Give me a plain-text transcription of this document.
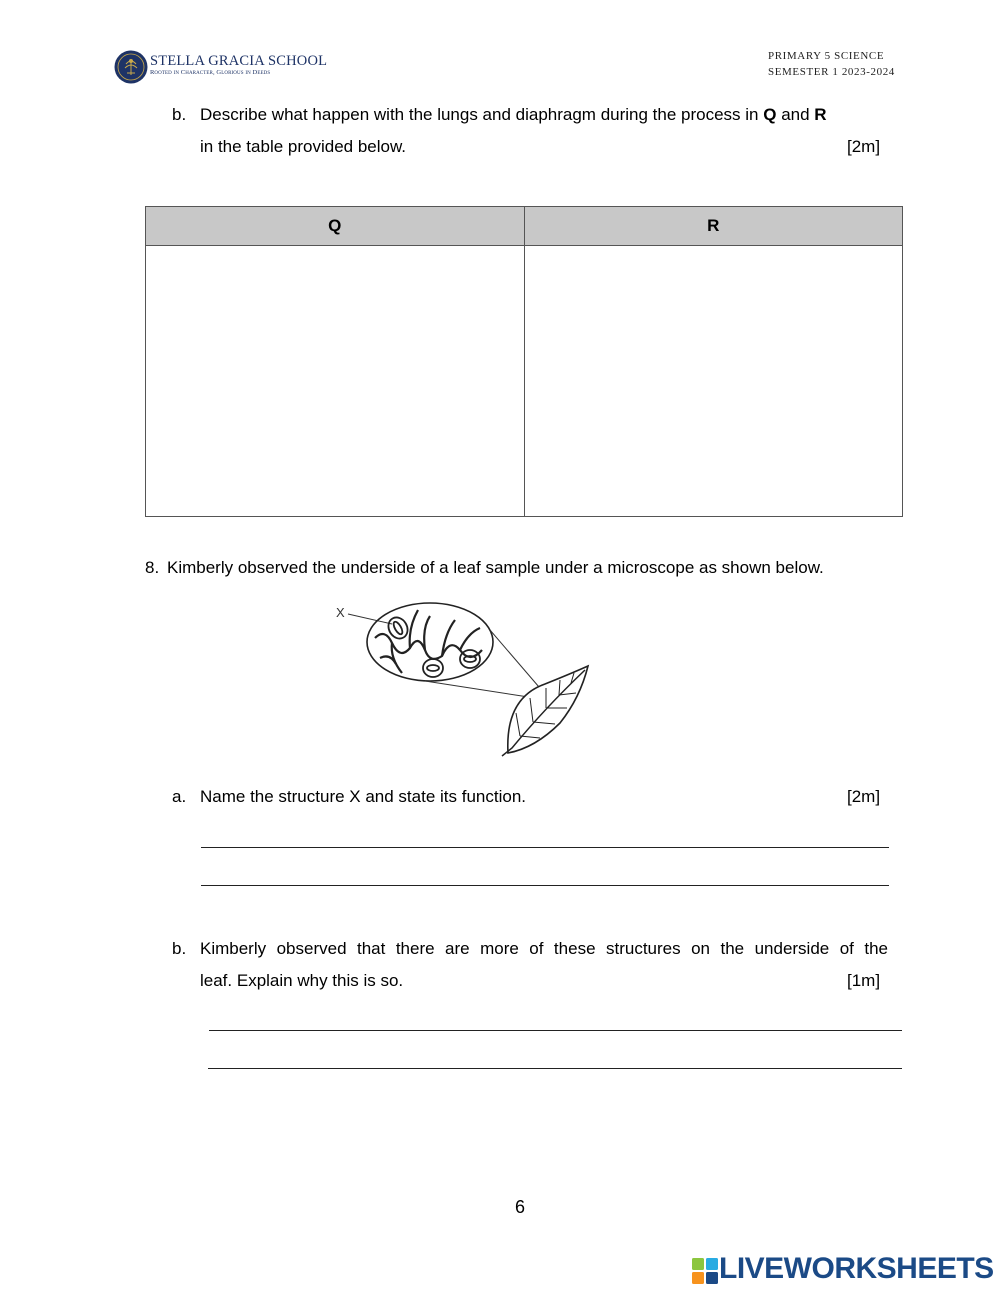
STELLA GRACIA SCHOOL
Rooted in Character, Glorious in Deeds
PRIMARY 5 SCIENCE
SEMESTER 1 2023-2024
b. Describe what happen with the lungs and diaphragm during the process in Q and R
in the table provided below.	[2m]
Q	R

8. Kimberly observed the underside of a leaf sample under a microscope as shown below.
X
a. Name the structure X and state its function.	[2m]
b. Kimberly observed that there are more of these structures on the underside of the
leaf. Explain why this is so.	[1m]
6
LIVEWORKSHEETS
